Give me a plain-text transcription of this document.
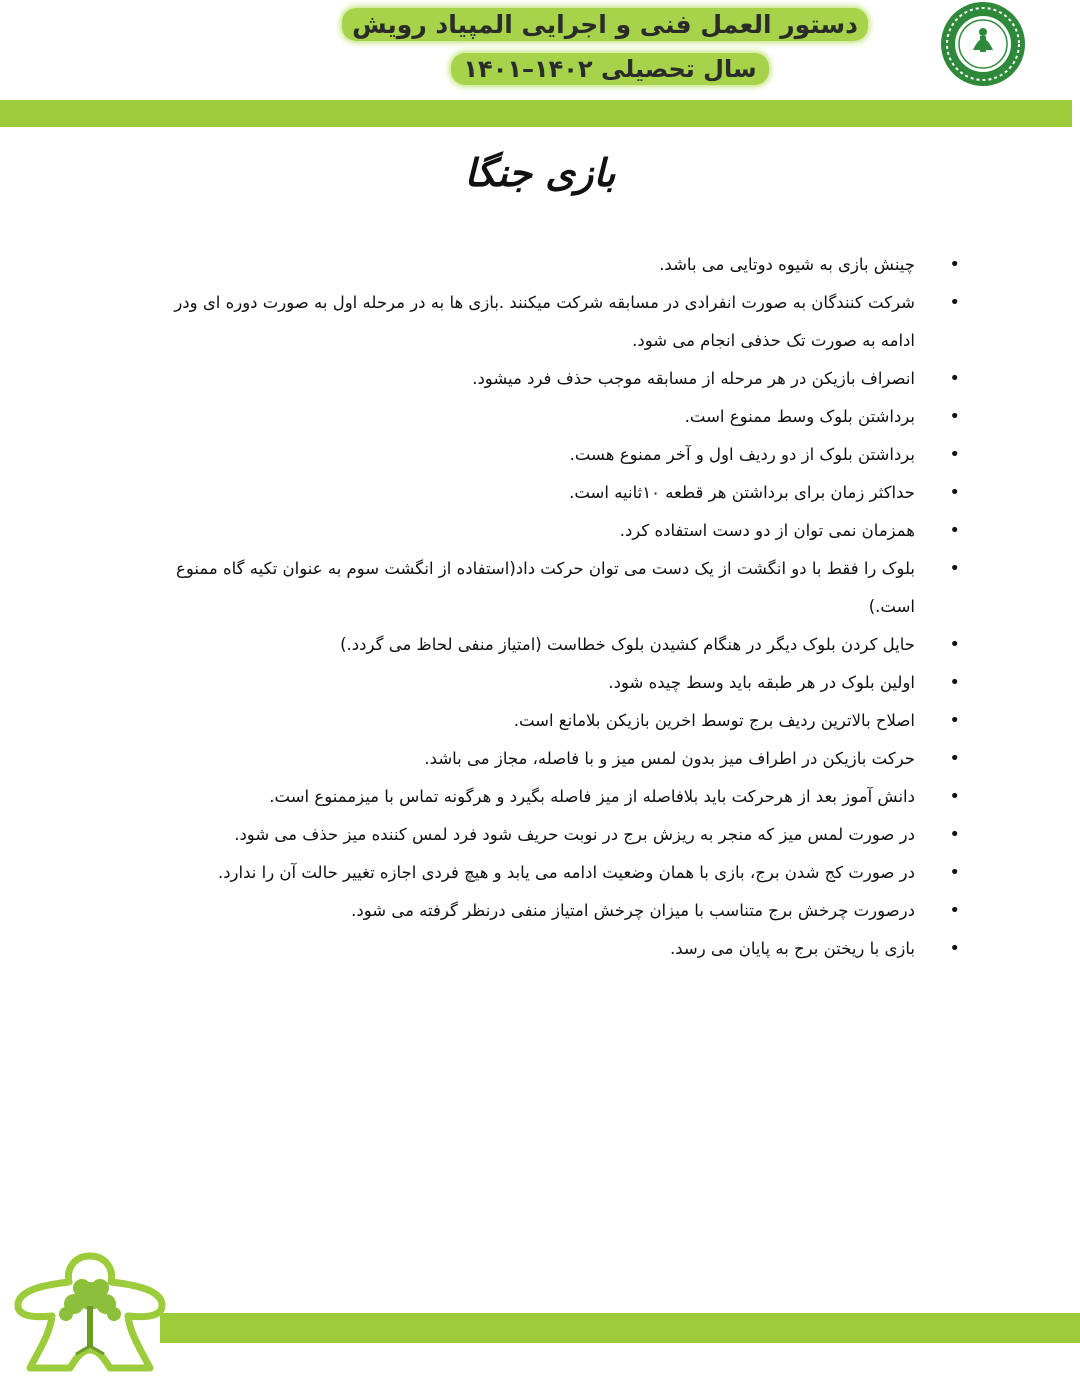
دستور العمل فنی و اجرایی المپیاد رویش
سال تحصیلی ۱۴۰۲–۱۴۰۱
بازی جنگا
•
چینش بازی به شیوه دوتایی می باشد.
•
شرکت کنندگان به صورت انفرادی در مسابقه شرکت میکنند .بازی ها به در مرحله اول به صورت دوره ای ودر ادامه به صورت تک حذفی انجام می شود.
•
انصراف بازیکن در هر مرحله از مسابقه موجب حذف فرد میشود.
•
برداشتن بلوک وسط ممنوع است.
•
برداشتن بلوک از دو ردیف اول و آخر ممنوع هست.
•
حداکثر زمان برای برداشتن هر قطعه ۱۰ثانیه است.
•
همزمان نمی توان از دو دست استفاده کرد.
•
بلوک را فقط با دو انگشت از یک دست می توان حرکت داد(استفاده از انگشت سوم به عنوان تکیه گاه ممنوع است.)
•
حایل کردن بلوک دیگر در هنگام کشیدن بلوک خطاست (امتیاز منفی لحاظ می گردد.)
•
اولین بلوک در هر طبقه باید وسط چیده شود.
•
اصلاح بالاترین ردیف برج توسط اخرین بازیکن بلامانع است.
•
حرکت بازیکن در اطراف میز بدون لمس میز و با فاصله، مجاز می باشد.
•
دانش آموز بعد از هرحرکت باید بلافاصله از میز فاصله بگیرد و هرگونه تماس با میزممنوع است.
•
در صورت لمس میز که منجر به ریزش برج در نوبت حریف شود فرد لمس کننده میز حذف می شود.
•
در صورت کج شدن برج، بازی با همان وضعیت ادامه می یابد و هیچ فردی اجازه تغییر حالت آن را ندارد.
•
درصورت چرخش برج متناسب با میزان چرخش امتیاز منفی درنظر گرفته می شود.
•
بازی با ریختن برج به پایان می رسد.
